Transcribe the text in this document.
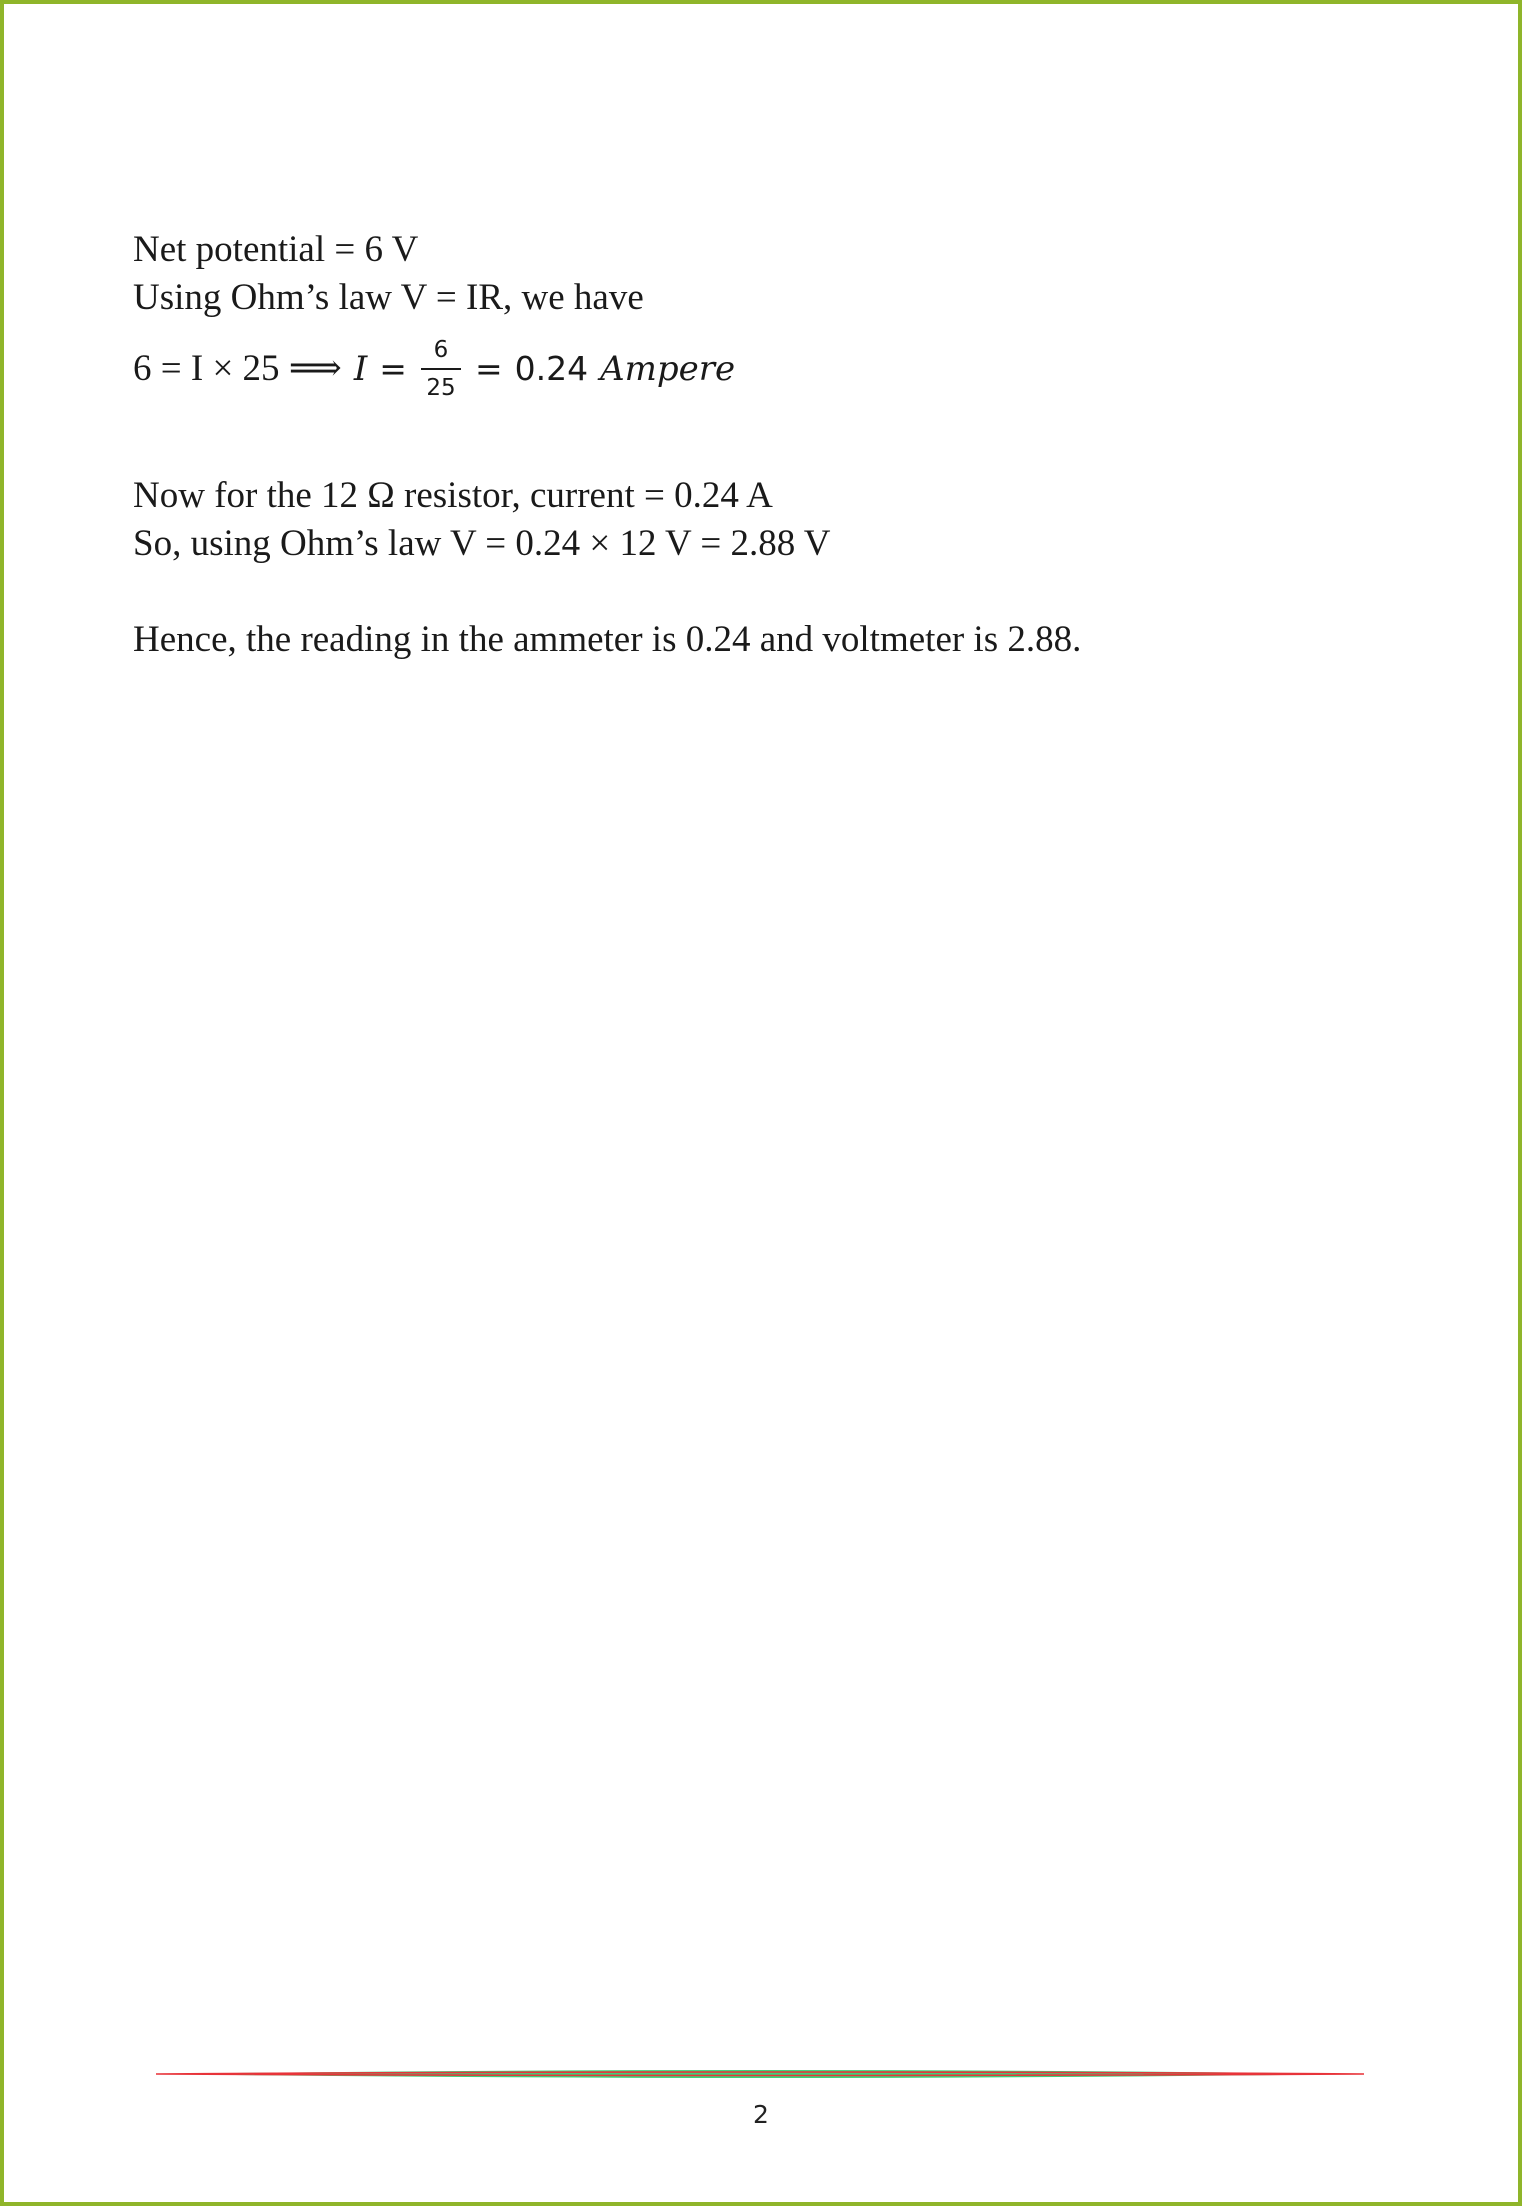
Net potential = 6 V
Using Ohm’s law V = IR, we have
6 = I × 25 ⟹ $I = \frac{6}{25} = 0.24$ Ampere
Now for the 12 Ω resistor, current = 0.24 A
So, using Ohm’s law V = 0.24 × 12 V = 2.88 V
Hence, the reading in the ammeter is 0.24 and voltmeter is 2.88.
2
